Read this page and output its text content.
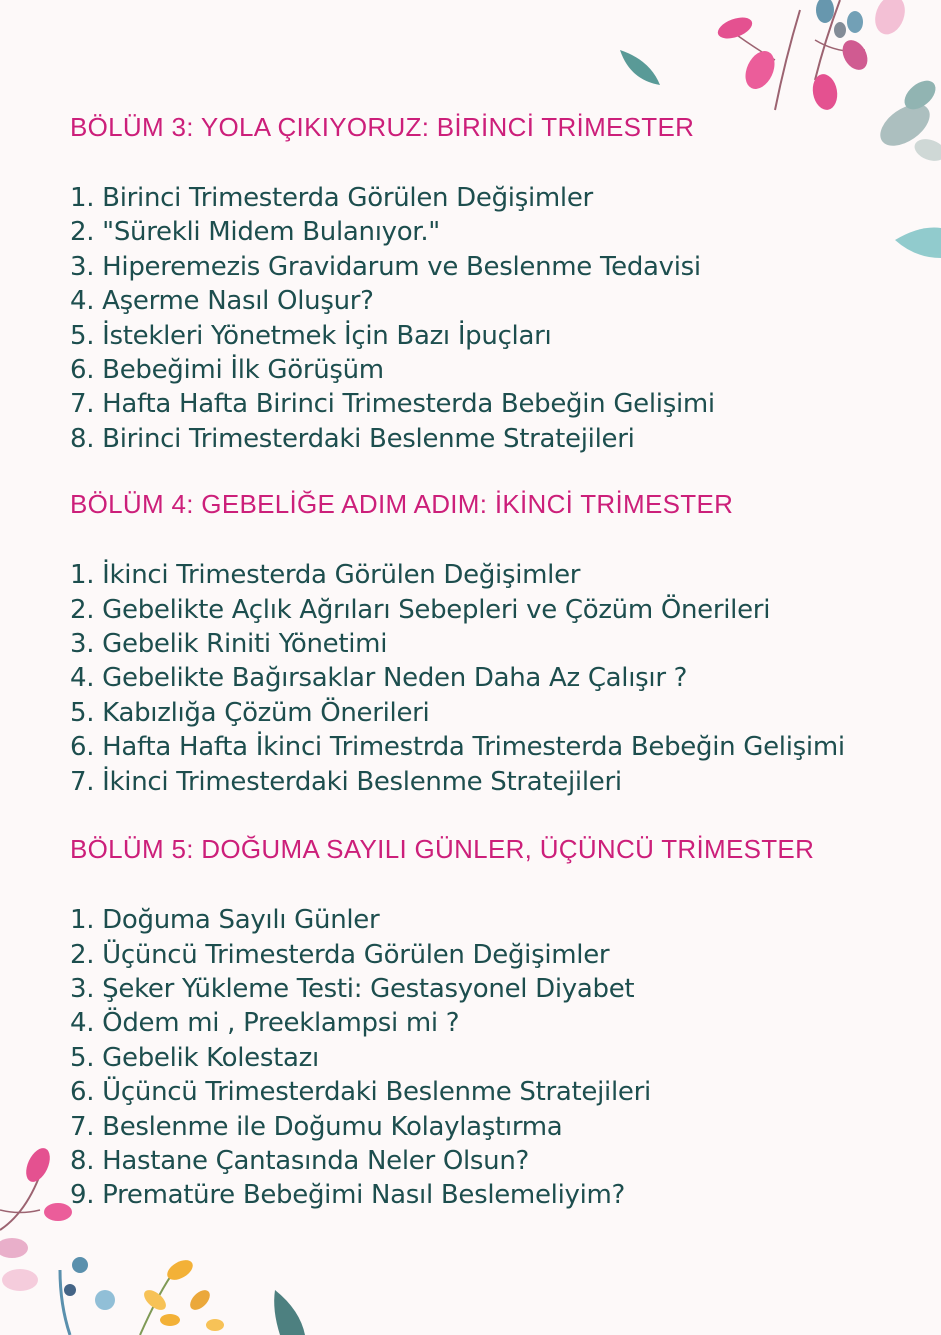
BÖLÜM 3: YOLA ÇIKIYORUZ: BİRİNCİ TRİMESTER
1. Birinci Trimesterda Görülen Değişimler
2. "Sürekli Midem Bulanıyor."
3. Hiperemezis Gravidarum ve Beslenme Tedavisi
4. Aşerme Nasıl Oluşur?
5. İstekleri Yönetmek İçin Bazı İpuçları
6. Bebeğimi İlk Görüşüm
7. Hafta Hafta Birinci Trimesterda Bebeğin Gelişimi
8. Birinci Trimesterdaki Beslenme Stratejileri
BÖLÜM 4: GEBELİĞE ADIM ADIM: İKİNCİ TRİMESTER
1. İkinci Trimesterda Görülen Değişimler
2. Gebelikte Açlık Ağrıları Sebepleri ve Çözüm Önerileri
3. Gebelik Riniti Yönetimi
4. Gebelikte Bağırsaklar Neden Daha Az Çalışır ?
5. Kabızlığa Çözüm Önerileri
6. Hafta Hafta İkinci Trimestrda Trimesterda Bebeğin Gelişimi
7. İkinci Trimesterdaki Beslenme Stratejileri
BÖLÜM 5: DOĞUMA SAYILI GÜNLER, ÜÇÜNCÜ TRİMESTER
1. Doğuma Sayılı Günler
2. Üçüncü Trimesterda Görülen Değişimler
3. Şeker Yükleme Testi: Gestasyonel Diyabet
4. Ödem mi , Preeklampsi mi ?
5. Gebelik Kolestazı
6. Üçüncü Trimesterdaki Beslenme Stratejileri
7. Beslenme ile Doğumu Kolaylaştırma
8. Hastane Çantasında Neler Olsun?
9. Prematüre Bebeğimi Nasıl Beslemeliyim?
